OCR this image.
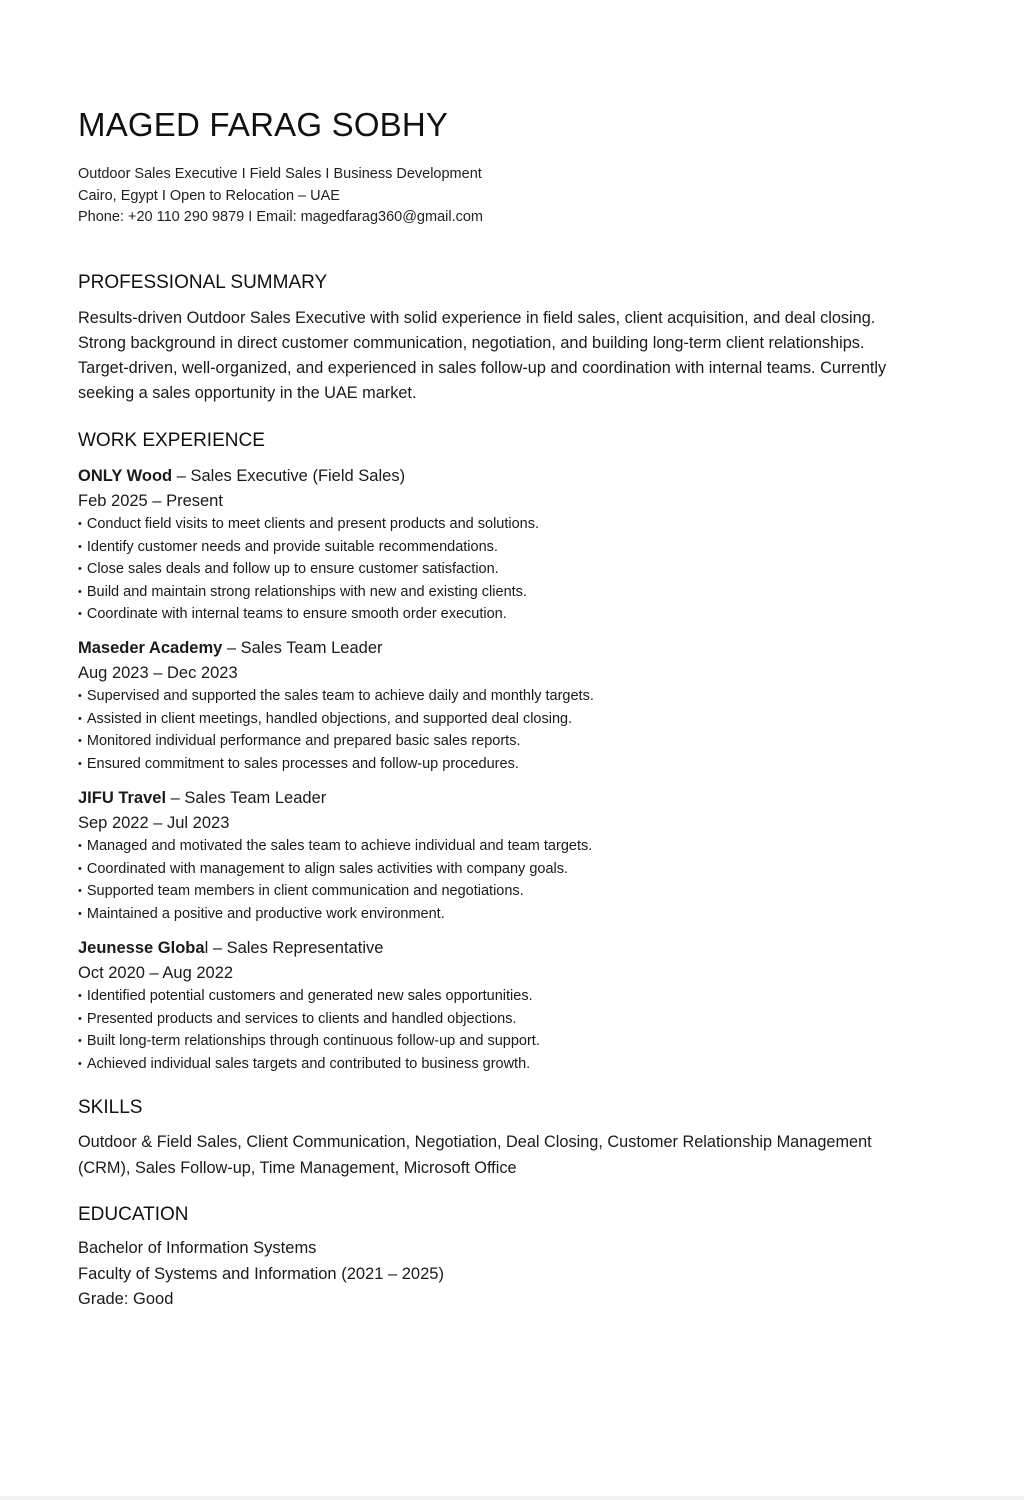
MAGED FARAG SOBHY
Outdoor Sales Executive I Field Sales I Business Development
Cairo, Egypt I Open to Relocation – UAE
Phone: +20 110 290 9879 I Email: magedfarag360@gmail.com
PROFESSIONAL SUMMARY
Results-driven Outdoor Sales Executive with solid experience in field sales, client acquisition, and deal closing. Strong background in direct customer communication, negotiation, and building long-term client relationships. Target-driven, well-organized, and experienced in sales follow-up and coordination with internal teams. Currently seeking a sales opportunity in the UAE market.
WORK EXPERIENCE
ONLY Wood – Sales Executive (Field Sales)
Feb 2025 – Present
• Conduct field visits to meet clients and present products and solutions.
• Identify customer needs and provide suitable recommendations.
• Close sales deals and follow up to ensure customer satisfaction.
• Build and maintain strong relationships with new and existing clients.
• Coordinate with internal teams to ensure smooth order execution.
Maseder Academy – Sales Team Leader
Aug 2023 – Dec 2023
• Supervised and supported the sales team to achieve daily and monthly targets.
• Assisted in client meetings, handled objections, and supported deal closing.
• Monitored individual performance and prepared basic sales reports.
• Ensured commitment to sales processes and follow-up procedures.
JIFU Travel – Sales Team Leader
Sep 2022 – Jul 2023
• Managed and motivated the sales team to achieve individual and team targets.
• Coordinated with management to align sales activities with company goals.
• Supported team members in client communication and negotiations.
• Maintained a positive and productive work environment.
Jeunesse Global – Sales Representative
Oct 2020 – Aug 2022
• Identified potential customers and generated new sales opportunities.
• Presented products and services to clients and handled objections.
• Built long-term relationships through continuous follow-up and support.
• Achieved individual sales targets and contributed to business growth.
SKILLS
Outdoor & Field Sales, Client Communication, Negotiation, Deal Closing, Customer Relationship Management (CRM), Sales Follow-up, Time Management, Microsoft Office
EDUCATION
Bachelor of Information Systems
Faculty of Systems and Information (2021 – 2025)
Grade: Good
